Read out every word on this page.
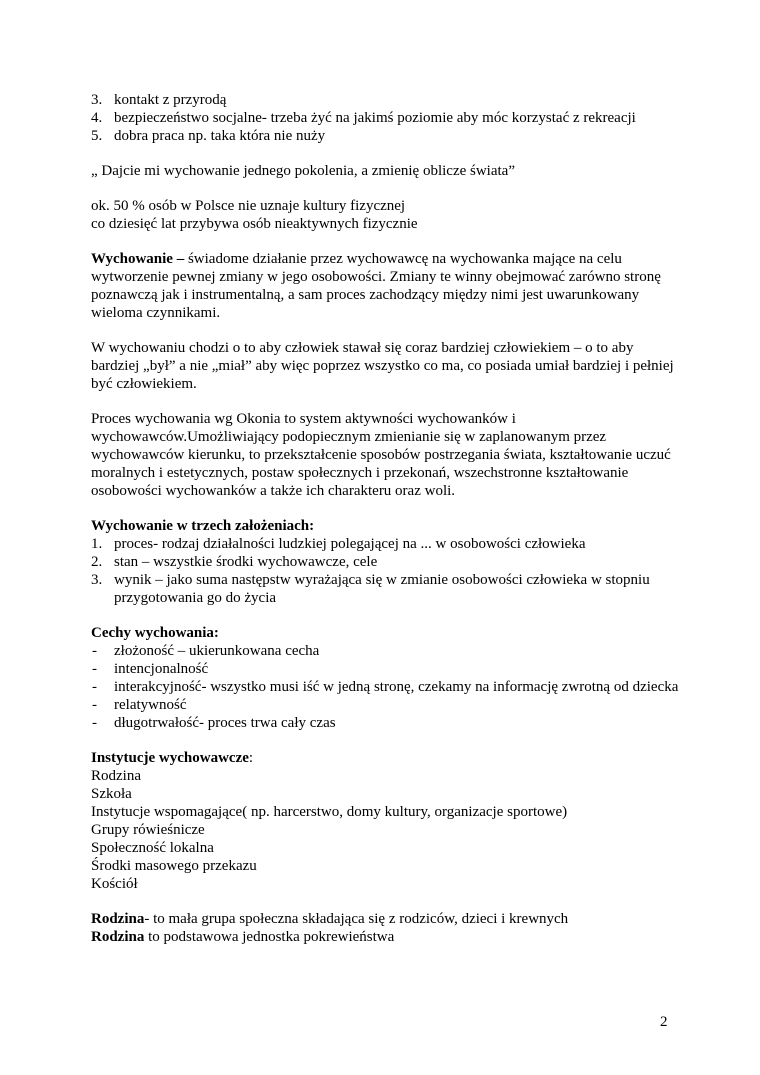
3. kontakt z przyrodą
4. bezpieczeństwo socjalne- trzeba żyć na jakimś poziomie aby móc korzystać z rekreacji
5. dobra praca np. taka która nie nuży

„ Dajcie mi wychowanie jednego pokolenia, a zmienię oblicze świata”

ok. 50 % osób w Polsce nie uznaje kultury fizycznej

co dziesięć lat przybywa osób nieaktywnych fizycznie

Wychowanie – świadome działanie przez wychowawcę na wychowanka mające na celu wytworzenie pewnej zmiany w jego osobowości. Zmiany te winny obejmować zarówno stronę poznawczą jak i instrumentalną, a sam proces zachodzący między nimi jest uwarunkowany wieloma czynnikami.

W wychowaniu chodzi o to aby człowiek stawał się coraz bardziej człowiekiem – o to aby bardziej „był” a nie „miał” aby więc poprzez wszystko co ma, co posiada umiał bardziej i pełniej być człowiekiem.

Proces wychowania wg Okonia to system aktywności wychowanków i wychowawców.Umożliwiający podopiecznym zmienianie się w zaplanowanym przez wychowawców kierunku, to przekształcenie sposobów postrzegania świata, kształtowanie uczuć moralnych i estetycznych, postaw społecznych i przekonań, wszechstronne kształtowanie osobowości wychowanków a także ich charakteru oraz woli.

Wychowanie w trzech założeniach:

1. proces- rodzaj działalności ludzkiej polegającej na ... w osobowości człowieka
2. stan – wszystkie środki wychowawcze, cele
3. wynik – jako suma następstw wyrażająca się w zmianie osobowości człowieka w stopniu przygotowania go do życia

Cechy wychowania:

- złożoność – ukierunkowana cecha
- intencjonalność
- interakcyjność- wszystko musi iść w jedną stronę, czekamy na informację zwrotną od dziecka
- relatywność
- długotrwałość- proces trwa cały czas

Instytucje wychowawcze:

Rodzina

Szkoła

Instytucje wspomagające( np. harcerstwo, domy kultury, organizacje sportowe)

Grupy rówieśnicze

Społeczność lokalna

Środki masowego przekazu

Kościół

Rodzina- to mała grupa społeczna składająca się z rodziców, dzieci i krewnych

Rodzina to podstawowa jednostka pokrewieństwa

2
